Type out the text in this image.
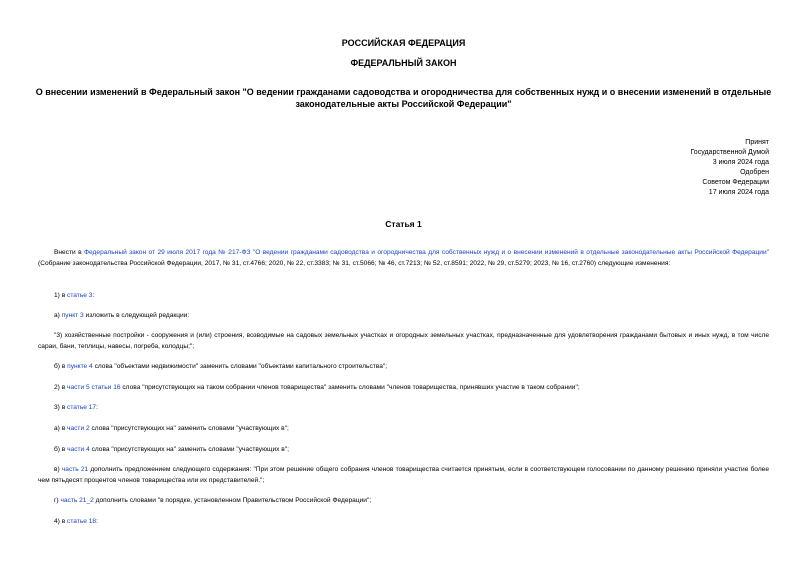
РОССИЙСКАЯ ФЕДЕРАЦИЯ
ФЕДЕРАЛЬНЫЙ ЗАКОН
О внесении изменений в Федеральный закон "О ведении гражданами садоводства и огородничества для собственных нужд и о внесении изменений в отдельные законодательные акты Российской Федерации"
Принят
Государственной Думой
3 июля 2024 года
Одобрен
Советом Федерации
17 июля 2024 года
Статья 1
Внести в Федеральный закон от 29 июля 2017 года № 217-ФЗ "О ведении гражданами садоводства и огородничества для собственных нужд и о внесении изменений в отдельные законодательные акты Российской Федерации" (Собрание законодательства Российской Федерации, 2017, № 31, ст.4766; 2020, № 22, ст.3383; № 31, ст.5066; № 46, ст.7213; № 52, ст.8591; 2022, № 29, ст.5279; 2023, № 16, ст.2760) следующие изменения:
1) в статье 3:
а) пункт 3 изложить в следующей редакции:
"3) хозяйственные постройки - сооружения и (или) строения, возводимые на садовых земельных участках и огородных земельных участках, предназначенные для удовлетворения гражданами бытовых и иных нужд, в том числе сараи, бани, теплицы, навесы, погреба, колодцы;";
б) в пункте 4 слова "объектами недвижимости" заменить словами "объектами капитального строительства";
2) в части 5 статьи 16 слова "присутствующих на таком собрании членов товарищества" заменить словами "членов товарищества, принявших участие в таком собрании";
3) в статье 17:
а) в части 2 слова "присутствующих на" заменить словами "участвующих в";
б) в части 4 слова "присутствующих на" заменить словами "участвующих в";
в) часть 21 дополнить предложением следующего содержания: "При этом решение общего собрания членов товарищества считается принятым, если в соответствующем голосовании по данному решению приняли участие более чем пятьдесят процентов членов товарищества или их представителей.";
г) часть 21_2 дополнить словами "в порядке, установленном Правительством Российской Федерации";
4) в статье 18:
